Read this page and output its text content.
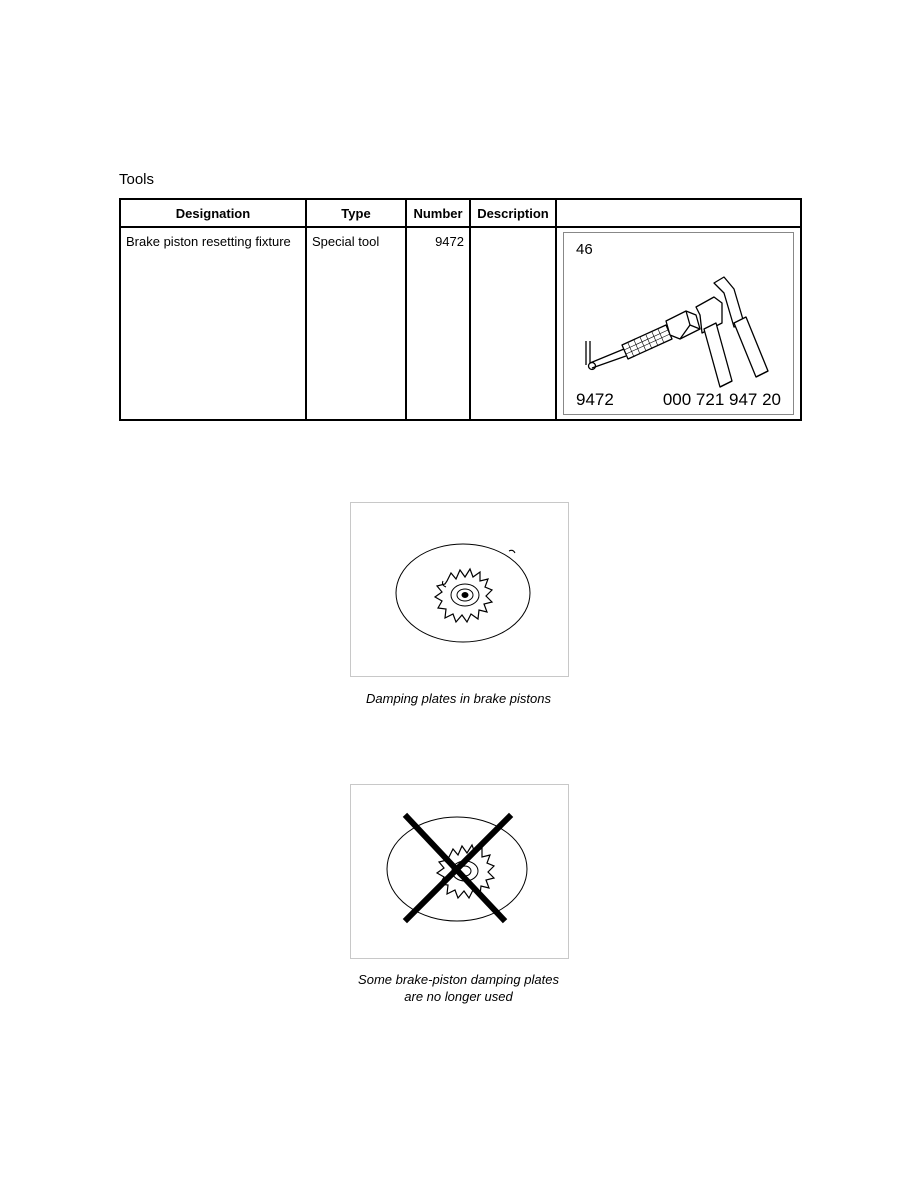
Tools
Designation	Type	Number	Description	

Brake piston resetting fixture	Special tool	9472		46
9472 000 721 947 20
Damping plates in brake pistons
Some brake-piston damping plates
are no longer used
